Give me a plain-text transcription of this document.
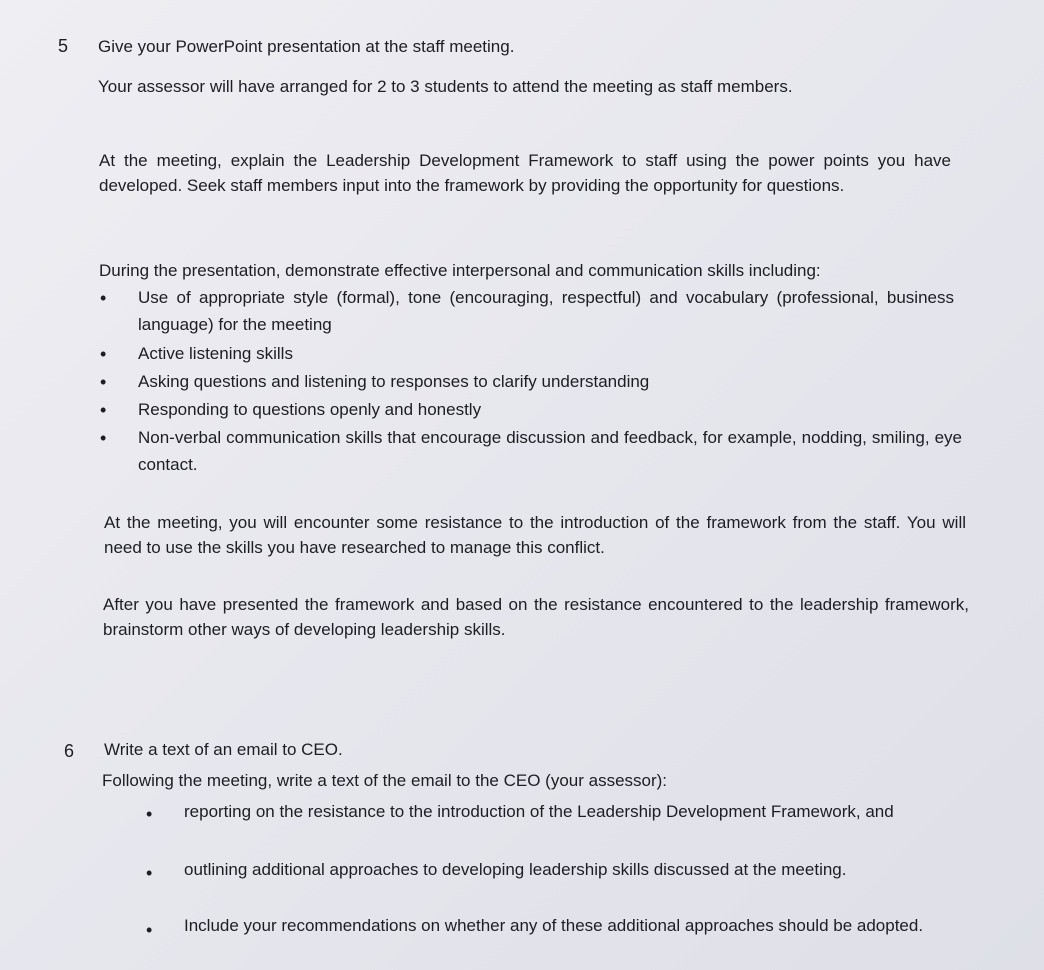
5 Give your PowerPoint presentation at the staff meeting.

Your assessor will have arranged for 2 to 3 students to attend the meeting as staff members.

At the meeting, explain the Leadership Development Framework to staff using the power points you have developed. Seek staff members input into the framework by providing the opportunity for questions.

During the presentation, demonstrate effective interpersonal and communication skills including:

• Use of appropriate style (formal), tone (encouraging, respectful) and vocabulary (professional, business language) for the meeting

• Active listening skills

• Asking questions and listening to responses to clarify understanding

• Responding to questions openly and honestly

• Non-verbal communication skills that encourage discussion and feedback, for example, nodding, smiling, eye contact.

At the meeting, you will encounter some resistance to the introduction of the framework from the staff. You will need to use the skills you have researched to manage this conflict.

After you have presented the framework and based on the resistance encountered to the leadership framework, brainstorm other ways of developing leadership skills.

6 Write a text of an email to CEO.

Following the meeting, write a text of the email to the CEO (your assessor):

• reporting on the resistance to the introduction of the Leadership Development Framework, and

• outlining additional approaches to developing leadership skills discussed at the meeting.

• Include your recommendations on whether any of these additional approaches should be adopted.
